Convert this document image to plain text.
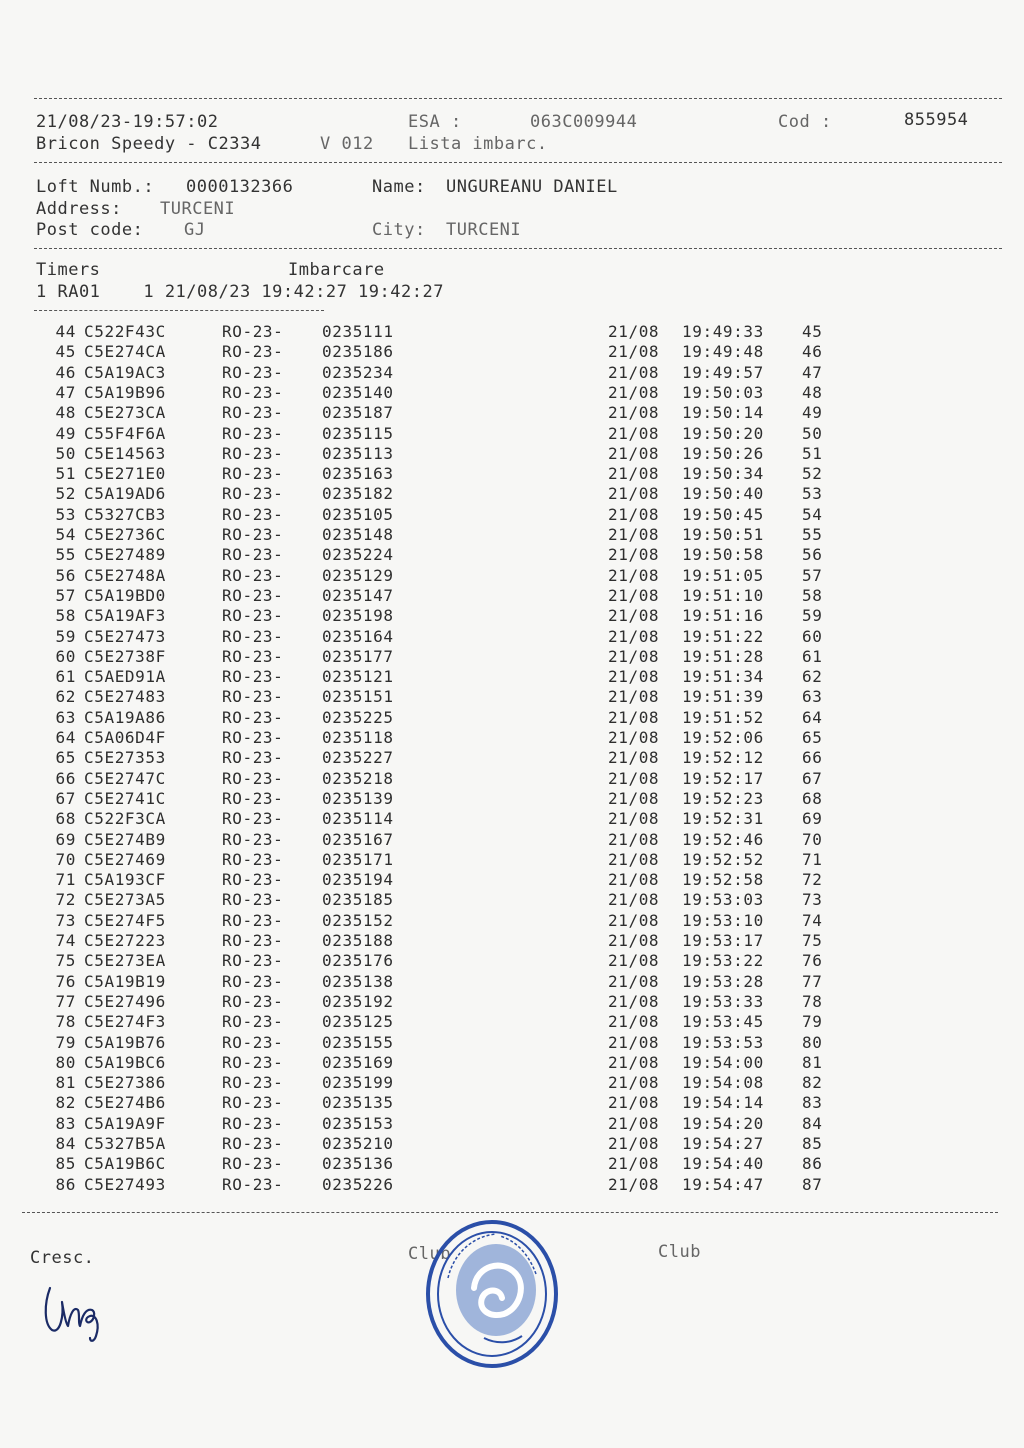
21/08/23-19:57:02	ESA :	063C009944	Cod :	855954
Bricon Speedy - C2334	V 012 Lista imbarc.
Loft Numb.: 0000132366	Name: UNGUREANU DANIEL
Address: TURCENI
Post code: GJ	City: TURCENI
Timers	Imbarcare
1 RA01    1 21/08/23 19:42:27 19:42:27
44 C522F43C	RO-23- 0235111	21/08 19:49:33 45
45 C5E274CA	RO-23- 0235186	21/08 19:49:48 46
46 C5A19AC3	RO-23- 0235234	21/08 19:49:57 47
47 C5A19B96	RO-23- 0235140	21/08 19:50:03 48
48 C5E273CA	RO-23- 0235187	21/08 19:50:14 49
49 C55F4F6A	RO-23- 0235115	21/08 19:50:20 50
50 C5E14563	RO-23- 0235113	21/08 19:50:26 51
51 C5E271E0	RO-23- 0235163	21/08 19:50:34 52
52 C5A19AD6	RO-23- 0235182	21/08 19:50:40 53
53 C5327CB3	RO-23- 0235105	21/08 19:50:45 54
54 C5E2736C	RO-23- 0235148	21/08 19:50:51 55
55 C5E27489	RO-23- 0235224	21/08 19:50:58 56
56 C5E2748A	RO-23- 0235129	21/08 19:51:05 57
57 C5A19BD0	RO-23- 0235147	21/08 19:51:10 58
58 C5A19AF3	RO-23- 0235198	21/08 19:51:16 59
59 C5E27473	RO-23- 0235164	21/08 19:51:22 60
60 C5E2738F	RO-23- 0235177	21/08 19:51:28 61
61 C5AED91A	RO-23- 0235121	21/08 19:51:34 62
62 C5E27483	RO-23- 0235151	21/08 19:51:39 63
63 C5A19A86	RO-23- 0235225	21/08 19:51:52 64
64 C5A06D4F	RO-23- 0235118	21/08 19:52:06 65
65 C5E27353	RO-23- 0235227	21/08 19:52:12 66
66 C5E2747C	RO-23- 0235218	21/08 19:52:17 67
67 C5E2741C	RO-23- 0235139	21/08 19:52:23 68
68 C522F3CA	RO-23- 0235114	21/08 19:52:31 69
69 C5E274B9	RO-23- 0235167	21/08 19:52:46 70
70 C5E27469	RO-23- 0235171	21/08 19:52:52 71
71 C5A193CF	RO-23- 0235194	21/08 19:52:58 72
72 C5E273A5	RO-23- 0235185	21/08 19:53:03 73
73 C5E274F5	RO-23- 0235152	21/08 19:53:10 74
74 C5E27223	RO-23- 0235188	21/08 19:53:17 75
75 C5E273EA	RO-23- 0235176	21/08 19:53:22 76
76 C5A19B19	RO-23- 0235138	21/08 19:53:28 77
77 C5E27496	RO-23- 0235192	21/08 19:53:33 78
78 C5E274F3	RO-23- 0235125	21/08 19:53:45 79
79 C5A19B76	RO-23- 0235155	21/08 19:53:53 80
80 C5A19BC6	RO-23- 0235169	21/08 19:54:00 81
81 C5E27386	RO-23- 0235199	21/08 19:54:08 82
82 C5E274B6	RO-23- 0235135	21/08 19:54:14 83
83 C5A19A9F	RO-23- 0235153	21/08 19:54:20 84
84 C5327B5A	RO-23- 0235210	21/08 19:54:27 85
85 C5A19B6C	RO-23- 0235136	21/08 19:54:40 86
86 C5E27493	RO-23- 0235226	21/08 19:54:47 87
Cresc.	Club	Club
